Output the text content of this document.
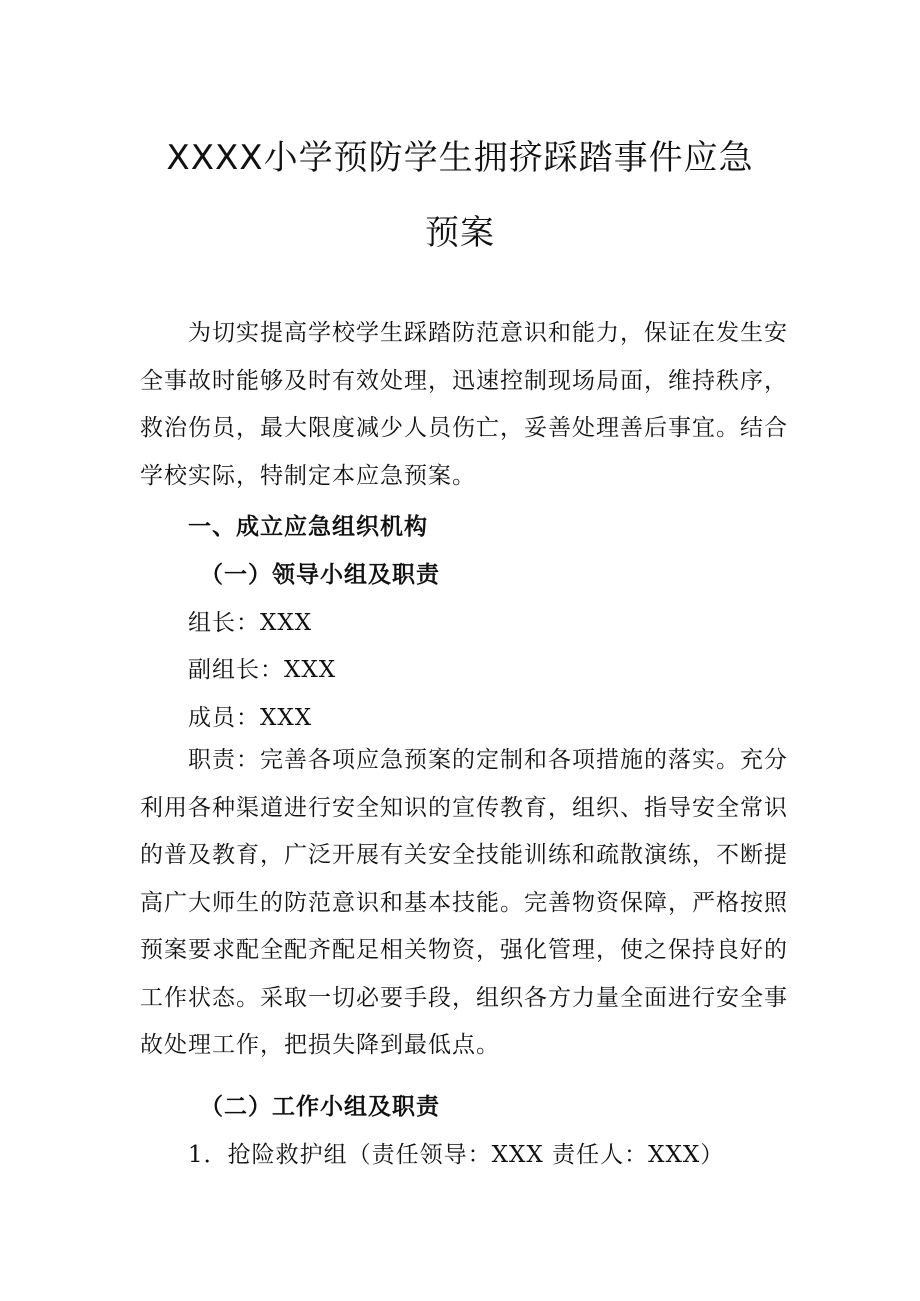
XXXX小学预防学生拥挤踩踏事件应急
预案

为切实提高学校学生踩踏防范意识和能力，保证在发生安全事故时能够及时有效处理，迅速控制现场局面，维持秩序，救治伤员，最大限度减少人员伤亡，妥善处理善后事宜。结合学校实际，特制定本应急预案。

一、成立应急组织机构
（一）领导小组及职责
组长：XXX
副组长：XXX
成员：XXX

职责：完善各项应急预案的定制和各项措施的落实。充分利用各种渠道进行安全知识的宣传教育，组织、指导安全常识的普及教育，广泛开展有关安全技能训练和疏散演练，不断提高广大师生的防范意识和基本技能。完善物资保障，严格按照预案要求配全配齐配足相关物资，强化管理，使之保持良好的工作状态。采取一切必要手段，组织各方力量全面进行安全事故处理工作，把损失降到最低点。

（二）工作小组及职责
1．抢险救护组（责任领导：XXX 责任人：XXX）
